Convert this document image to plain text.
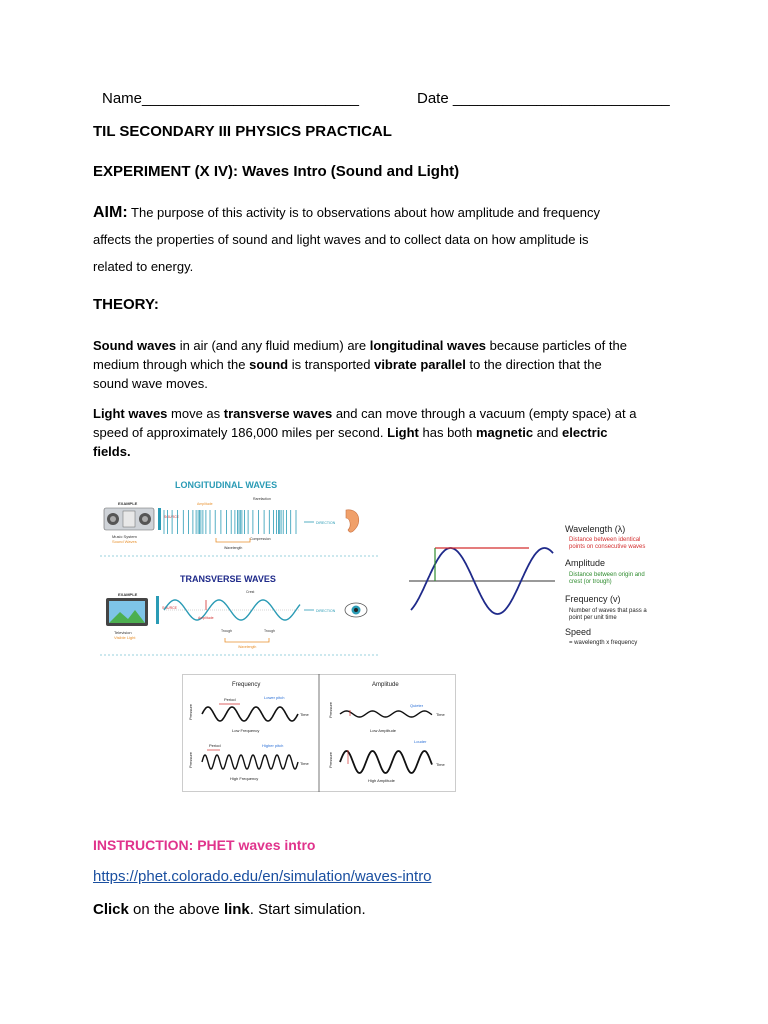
Name__________________________	Date __________________________
TIL SECONDARY III PHYSICS PRACTICAL
EXPERIMENT (X IV): Waves Intro (Sound and Light)
AIM: The purpose of this activity is to observations about how amplitude and frequency
affects the properties of sound and light waves and to collect data on how amplitude is
related to energy.
THEORY:
Sound waves in air (and any fluid medium) are longitudinal waves because particles of the
medium through which the sound is transported vibrate parallel to the direction that the
sound wave moves.
Light waves move as transverse waves and can move through a vacuum (empty space) at a
speed of approximately 186,000 miles per second. Light has both magnetic and electric
fields.
LONGITUDINAL WAVES
EXAMPLE
Music System
Sound Waves
SOURCE
Amplitude
Rarefaction
Compression
DIRECTION
Wavelength
TRANSVERSE WAVES
EXAMPLE
Television
Visible Light
SOURCE
Crest
Amplitude
Trough	Trough
Wavelength
DIRECTION
Wavelength (λ)
Distance between identical
points on consecutive waves
Amplitude
Distance between origin and
crest (or trough)
Frequency (v)
Number of waves that pass a
point per unit time
Speed
= wavelength x frequency
Frequency	Amplitude
Period	Lower pitch
Pressure	Time
Low Frequency
Period	Higher pitch
Pressure	Time
High Frequency
Quieter
Pressure	Time
Low Amplitude
Louder
Pressure	Time
High Amplitude
INSTRUCTION: PHET waves intro
https://phet.colorado.edu/en/simulation/waves-intro
Click on the above link. Start simulation.
